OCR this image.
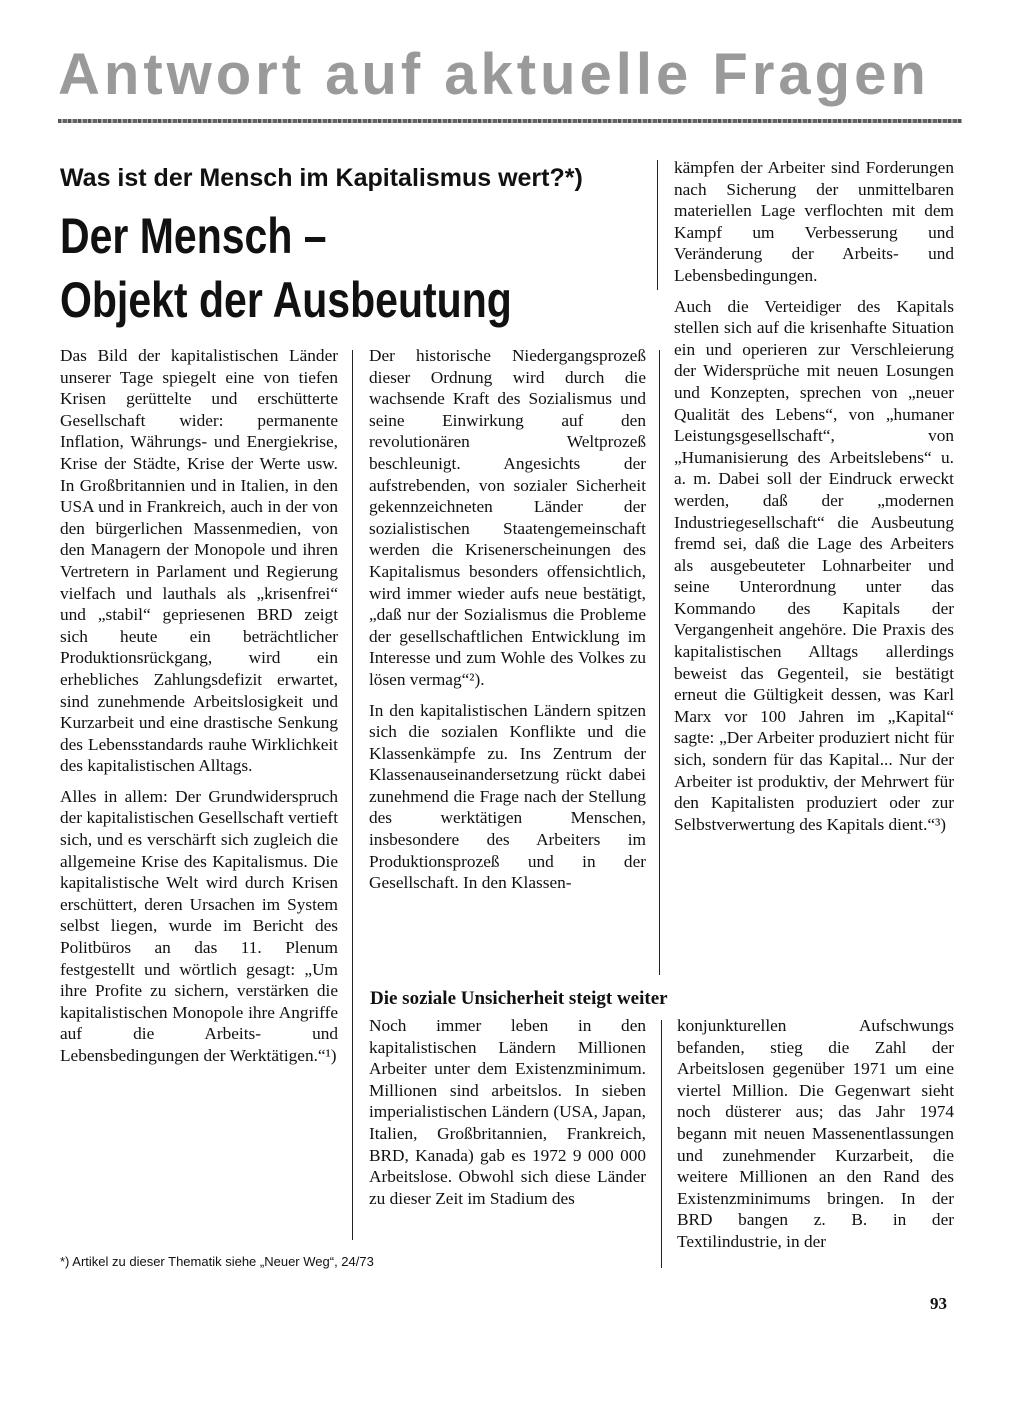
Antwort auf aktuelle Fragen
Was ist der Mensch im Kapitalismus wert?*)
Der Mensch –
Objekt der Ausbeutung

Das Bild der kapitalistischen Länder unserer Tage spiegelt eine von tiefen Krisen gerüttelte und erschütterte Gesellschaft wider: permanente Inflation, Währungs- und Energiekrise, Krise der Städte, Krise der Werte usw. In Großbritannien und in Italien, in den USA und in Frankreich, auch in der von den bürgerlichen Massenmedien, von den Managern der Monopole und ihren Vertretern in Parlament und Regierung vielfach und lauthals als „krisenfrei“ und „stabil“ gepriesenen BRD zeigt sich heute ein beträchtlicher Produktionsrückgang, wird ein erhebliches Zahlungsdefizit erwartet, sind zunehmende Arbeitslosigkeit und Kurzarbeit und eine drastische Senkung des Lebensstandards rauhe Wirklichkeit des kapitalistischen Alltags.

Alles in allem: Der Grundwiderspruch der kapitalistischen Gesellschaft vertieft sich, und es verschärft sich zugleich die allgemeine Krise des Kapitalismus. Die kapitalistische Welt wird durch Krisen erschüttert, deren Ursachen im System selbst liegen, wurde im Bericht des Politbüros an das 11. Plenum festgestellt und wörtlich gesagt: „Um ihre Profite zu sichern, verstärken die kapitalistischen Monopole ihre Angriffe auf die Arbeits- und Lebensbedingungen der Werktätigen.“¹)

Der historische Niedergangsprozeß dieser Ordnung wird durch die wachsende Kraft des Sozialismus und seine Einwirkung auf den revolutionären Weltprozeß beschleunigt. Angesichts der aufstrebenden, von sozialer Sicherheit gekennzeichneten Länder der sozialistischen Staatengemeinschaft werden die Krisenerscheinungen des Kapitalismus besonders offensichtlich, wird immer wieder aufs neue bestätigt, „daß nur der Sozialismus die Probleme der gesellschaftlichen Entwicklung im Interesse und zum Wohle des Volkes zu lösen vermag“²).

In den kapitalistischen Ländern spitzen sich die sozialen Konflikte und die Klassenkämpfe zu. Ins Zentrum der Klassenauseinandersetzung rückt dabei zunehmend die Frage nach der Stellung des werktätigen Menschen, insbesondere des Arbeiters im Produktionsprozeß und in der Gesellschaft. In den Klassen-

kämpfen der Arbeiter sind Forderungen nach Sicherung der unmittelbaren materiellen Lage verflochten mit dem Kampf um Verbesserung und Veränderung der Arbeits- und Lebensbedingungen.

Auch die Verteidiger des Kapitals stellen sich auf die krisenhafte Situation ein und operieren zur Verschleierung der Widersprüche mit neuen Losungen und Konzepten, sprechen von „neuer Qualität des Lebens“, von „humaner Leistungsgesellschaft“, von „Humanisierung des Arbeitslebens“ u. a. m. Dabei soll der Eindruck erweckt werden, daß der „modernen Industriegesellschaft“ die Ausbeutung fremd sei, daß die Lage des Arbeiters als ausgebeuteter Lohnarbeiter und seine Unterordnung unter das Kommando des Kapitals der Vergangenheit angehöre. Die Praxis des kapitalistischen Alltags allerdings beweist das Gegenteil, sie bestätigt erneut die Gültigkeit dessen, was Karl Marx vor 100 Jahren im „Kapital“ sagte: „Der Arbeiter produziert nicht für sich, sondern für das Kapital... Nur der Arbeiter ist produktiv, der Mehrwert für den Kapitalisten produziert oder zur Selbstverwertung des Kapitals dient.“³)

Die soziale Unsicherheit steigt weiter

Noch immer leben in den kapitalistischen Ländern Millionen Arbeiter unter dem Existenzminimum. Millionen sind arbeitslos. In sieben imperialistischen Ländern (USA, Japan, Italien, Großbritannien, Frankreich, BRD, Kanada) gab es 1972 9 000 000 Arbeitslose. Obwohl sich diese Länder zu dieser Zeit im Stadium des

konjunkturellen Aufschwungs befanden, stieg die Zahl der Arbeitslosen gegenüber 1971 um eine viertel Million. Die Gegenwart sieht noch düsterer aus; das Jahr 1974 begann mit neuen Massenentlassungen und zunehmender Kurzarbeit, die weitere Millionen an den Rand des Existenzminimums bringen. In der BRD bangen z. B. in der Textilindustrie, in der

*) Artikel zu dieser Thematik siehe „Neuer Weg“, 24/73
93
